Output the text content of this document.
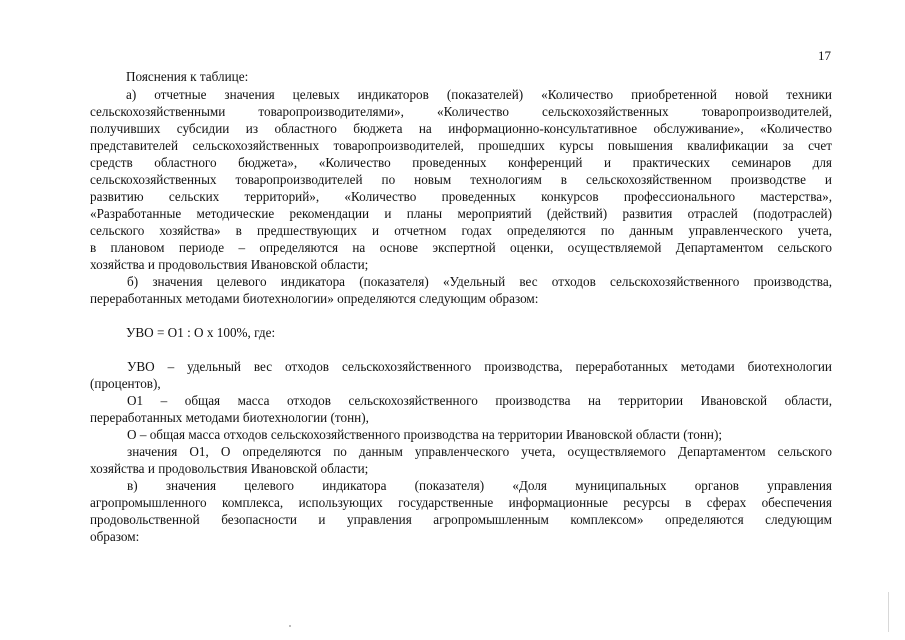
17
Пояснения к таблице:
а) отчетные значения целевых индикаторов (показателей) «Количество приобретенной новой техники
сельскохозяйственными товаропроизводителями», «Количество сельскохозяйственных товаропроизводителей,
получивших субсидии из областного бюджета на информационно-консультативное обслуживание», «Количество
представителей сельскохозяйственных товаропроизводителей, прошедших курсы повышения квалификации за счет
средств областного бюджета», «Количество проведенных конференций и практических семинаров для
сельскохозяйственных товаропроизводителей по новым технологиям в сельскохозяйственном производстве и
развитию сельских территорий», «Количество проведенных конкурсов профессионального мастерства»,
«Разработанные методические рекомендации и планы мероприятий (действий) развития отраслей (подотраслей)
сельского хозяйства» в предшествующих и отчетном годах определяются по данным управленческого учета,
в плановом периоде – определяются на основе экспертной оценки, осуществляемой Департаментом сельского
хозяйства и продовольствия Ивановской области;
б) значения целевого индикатора (показателя) «Удельный вес отходов сельскохозяйственного производства,
переработанных методами биотехнологии» определяются следующим образом:
УВО = О1 : О x 100%, где:
УВО – удельный вес отходов сельскохозяйственного производства, переработанных методами биотехнологии
(процентов),
О1 – общая масса отходов сельскохозяйственного производства на территории Ивановской области,
переработанных методами биотехнологии (тонн),
О – общая масса отходов сельскохозяйственного производства на территории Ивановской области (тонн);
значения О1, О определяются по данным управленческого учета, осуществляемого Департаментом сельского
хозяйства и продовольствия Ивановской области;
в) значения целевого индикатора (показателя) «Доля муниципальных органов управления
агропромышленного комплекса, использующих государственные информационные ресурсы в сферах обеспечения
продовольственной безопасности и управления агропромышленным комплексом» определяются следующим
образом:
